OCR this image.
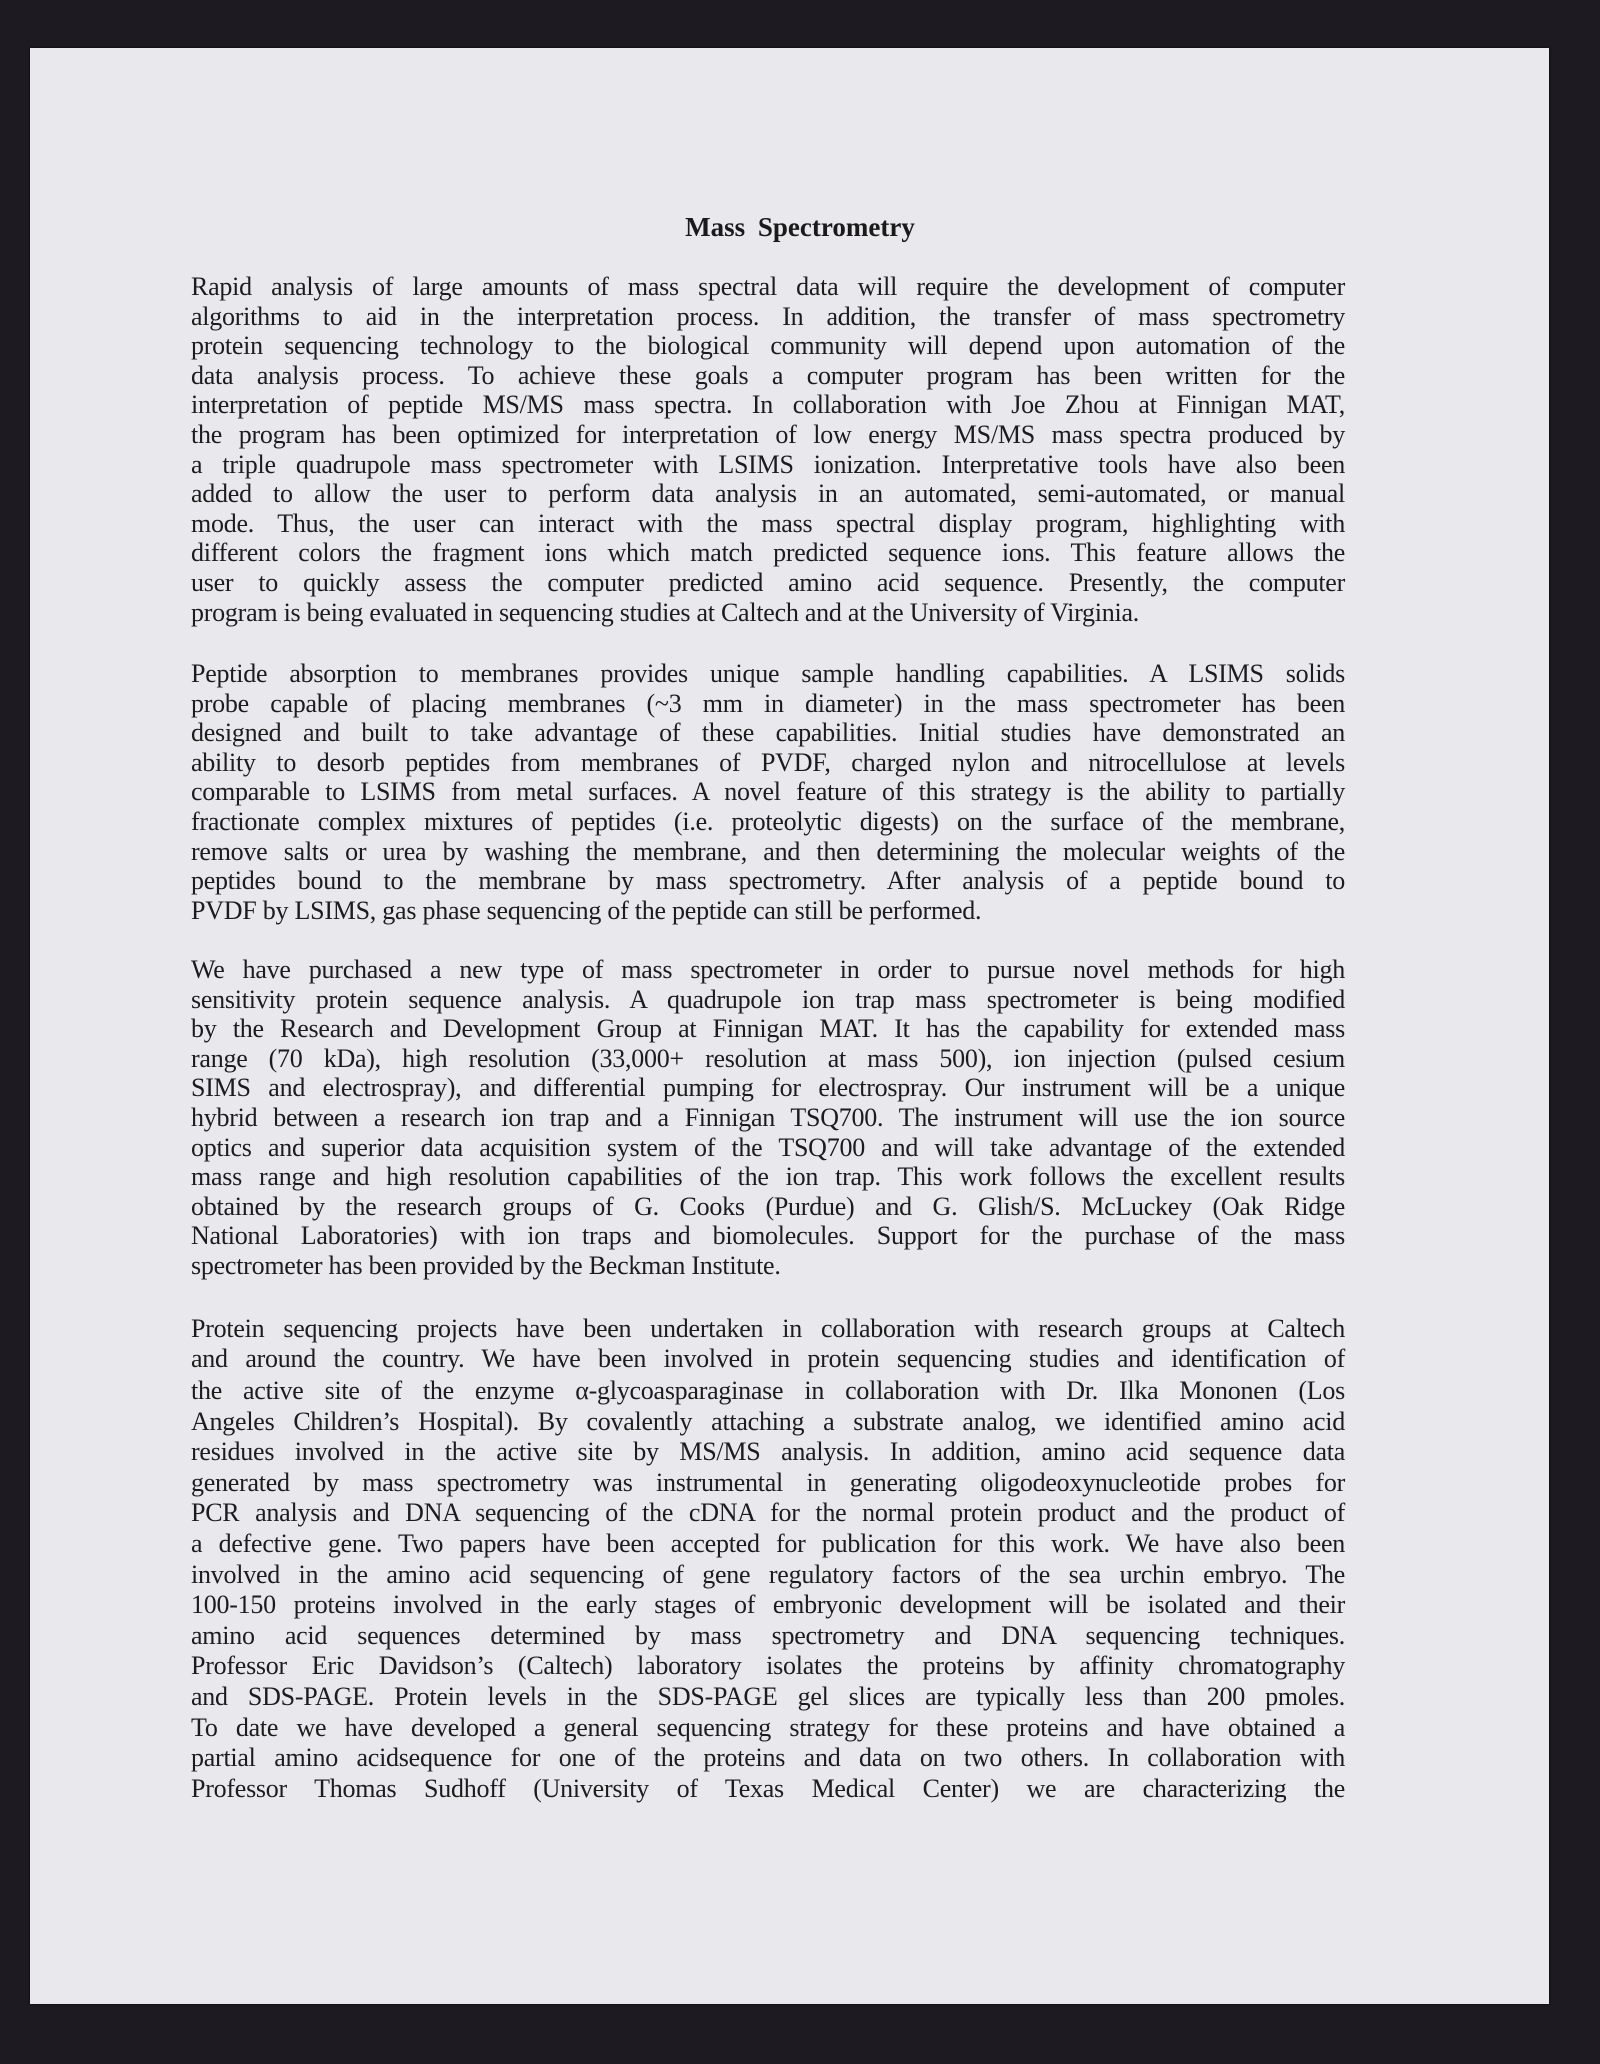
Mass Spectrometry
Rapid analysis of large amounts of mass spectral data will require the development of computer
algorithms to aid in the interpretation process. In addition, the transfer of mass spectrometry
protein sequencing technology to the biological community will depend upon automation of the
data analysis process. To achieve these goals a computer program has been written for the
interpretation of peptide MS/MS mass spectra. In collaboration with Joe Zhou at Finnigan MAT,
the program has been optimized for interpretation of low energy MS/MS mass spectra produced by
a triple quadrupole mass spectrometer with LSIMS ionization. Interpretative tools have also been
added to allow the user to perform data analysis in an automated, semi-automated, or manual
mode. Thus, the user can interact with the mass spectral display program, highlighting with
different colors the fragment ions which match predicted sequence ions. This feature allows the
user to quickly assess the computer predicted amino acid sequence. Presently, the computer
program is being evaluated in sequencing studies at Caltech and at the University of Virginia.
Peptide absorption to membranes provides unique sample handling capabilities. A LSIMS solids
probe capable of placing membranes (~3 mm in diameter) in the mass spectrometer has been
designed and built to take advantage of these capabilities. Initial studies have demonstrated an
ability to desorb peptides from membranes of PVDF, charged nylon and nitrocellulose at levels
comparable to LSIMS from metal surfaces. A novel feature of this strategy is the ability to partially
fractionate complex mixtures of peptides (i.e. proteolytic digests) on the surface of the membrane,
remove salts or urea by washing the membrane, and then determining the molecular weights of the
peptides bound to the membrane by mass spectrometry. After analysis of a peptide bound to
PVDF by LSIMS, gas phase sequencing of the peptide can still be performed.
We have purchased a new type of mass spectrometer in order to pursue novel methods for high
sensitivity protein sequence analysis. A quadrupole ion trap mass spectrometer is being modified
by the Research and Development Group at Finnigan MAT. It has the capability for extended mass
range (70 kDa), high resolution (33,000+ resolution at mass 500), ion injection (pulsed cesium
SIMS and electrospray), and differential pumping for electrospray. Our instrument will be a unique
hybrid between a research ion trap and a Finnigan TSQ700. The instrument will use the ion source
optics and superior data acquisition system of the TSQ700 and will take advantage of the extended
mass range and high resolution capabilities of the ion trap. This work follows the excellent results
obtained by the research groups of G. Cooks (Purdue) and G. Glish/S. McLuckey (Oak Ridge
National Laboratories) with ion traps and biomolecules. Support for the purchase of the mass
spectrometer has been provided by the Beckman Institute.
Protein sequencing projects have been undertaken in collaboration with research groups at Caltech
and around the country. We have been involved in protein sequencing studies and identification of
the active site of the enzyme α-glycoasparaginase in collaboration with Dr. Ilka Mononen (Los
Angeles Children’s Hospital). By covalently attaching a substrate analog, we identified amino acid
residues involved in the active site by MS/MS analysis. In addition, amino acid sequence data
generated by mass spectrometry was instrumental in generating oligodeoxynucleotide probes for
PCR analysis and DNA sequencing of the cDNA for the normal protein product and the product of
a defective gene. Two papers have been accepted for publication for this work. We have also been
involved in the amino acid sequencing of gene regulatory factors of the sea urchin embryo. The
100-150 proteins involved in the early stages of embryonic development will be isolated and their
amino acid sequences determined by mass spectrometry and DNA sequencing techniques.
Professor Eric Davidson’s (Caltech) laboratory isolates the proteins by affinity chromatography
and SDS-PAGE. Protein levels in the SDS-PAGE gel slices are typically less than 200 pmoles.
To date we have developed a general sequencing strategy for these proteins and have obtained a
partial amino acidsequence for one of the proteins and data on two others. In collaboration with
Professor Thomas Sudhoff (University of Texas Medical Center) we are characterizing the
